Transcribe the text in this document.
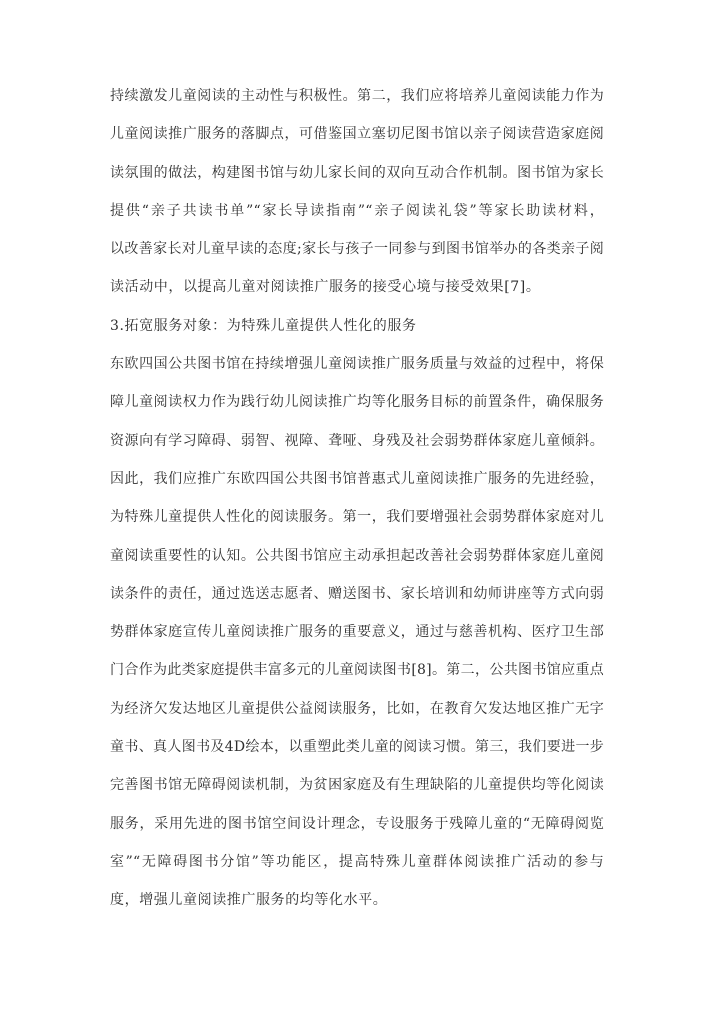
持续激发儿童阅读的主动性与积极性。第二，我们应将培养儿童阅读能力作为
儿童阅读推广服务的落脚点，可借鉴国立塞切尼图书馆以亲子阅读营造家庭阅
读氛围的做法，构建图书馆与幼儿家长间的双向互动合作机制。图书馆为家长
提供“亲子共读书单”“家长导读指南”“亲子阅读礼袋”等家长助读材料，
以改善家长对儿童早读的态度;家长与孩子一同参与到图书馆举办的各类亲子阅
读活动中，以提高儿童对阅读推广服务的接受心境与接受效果[7]。
3.拓宽服务对象：为特殊儿童提供人性化的服务
东欧四国公共图书馆在持续增强儿童阅读推广服务质量与效益的过程中，将保
障儿童阅读权力作为践行幼儿阅读推广均等化服务目标的前置条件，确保服务
资源向有学习障碍、弱智、视障、聋哑、身残及社会弱势群体家庭儿童倾斜。
因此，我们应推广东欧四国公共图书馆普惠式儿童阅读推广服务的先进经验，
为特殊儿童提供人性化的阅读服务。第一，我们要增强社会弱势群体家庭对儿
童阅读重要性的认知。公共图书馆应主动承担起改善社会弱势群体家庭儿童阅
读条件的责任，通过选送志愿者、赠送图书、家长培训和幼师讲座等方式向弱
势群体家庭宣传儿童阅读推广服务的重要意义，通过与慈善机构、医疗卫生部
门合作为此类家庭提供丰富多元的儿童阅读图书[8]。第二，公共图书馆应重点
为经济欠发达地区儿童提供公益阅读服务，比如，在教育欠发达地区推广无字
童书、真人图书及4D绘本，以重塑此类儿童的阅读习惯。第三，我们要进一步
完善图书馆无障碍阅读机制，为贫困家庭及有生理缺陷的儿童提供均等化阅读
服务，采用先进的图书馆空间设计理念，专设服务于残障儿童的“无障碍阅览
室”“无障碍图书分馆”等功能区，提高特殊儿童群体阅读推广活动的参与
度，增强儿童阅读推广服务的均等化水平。
